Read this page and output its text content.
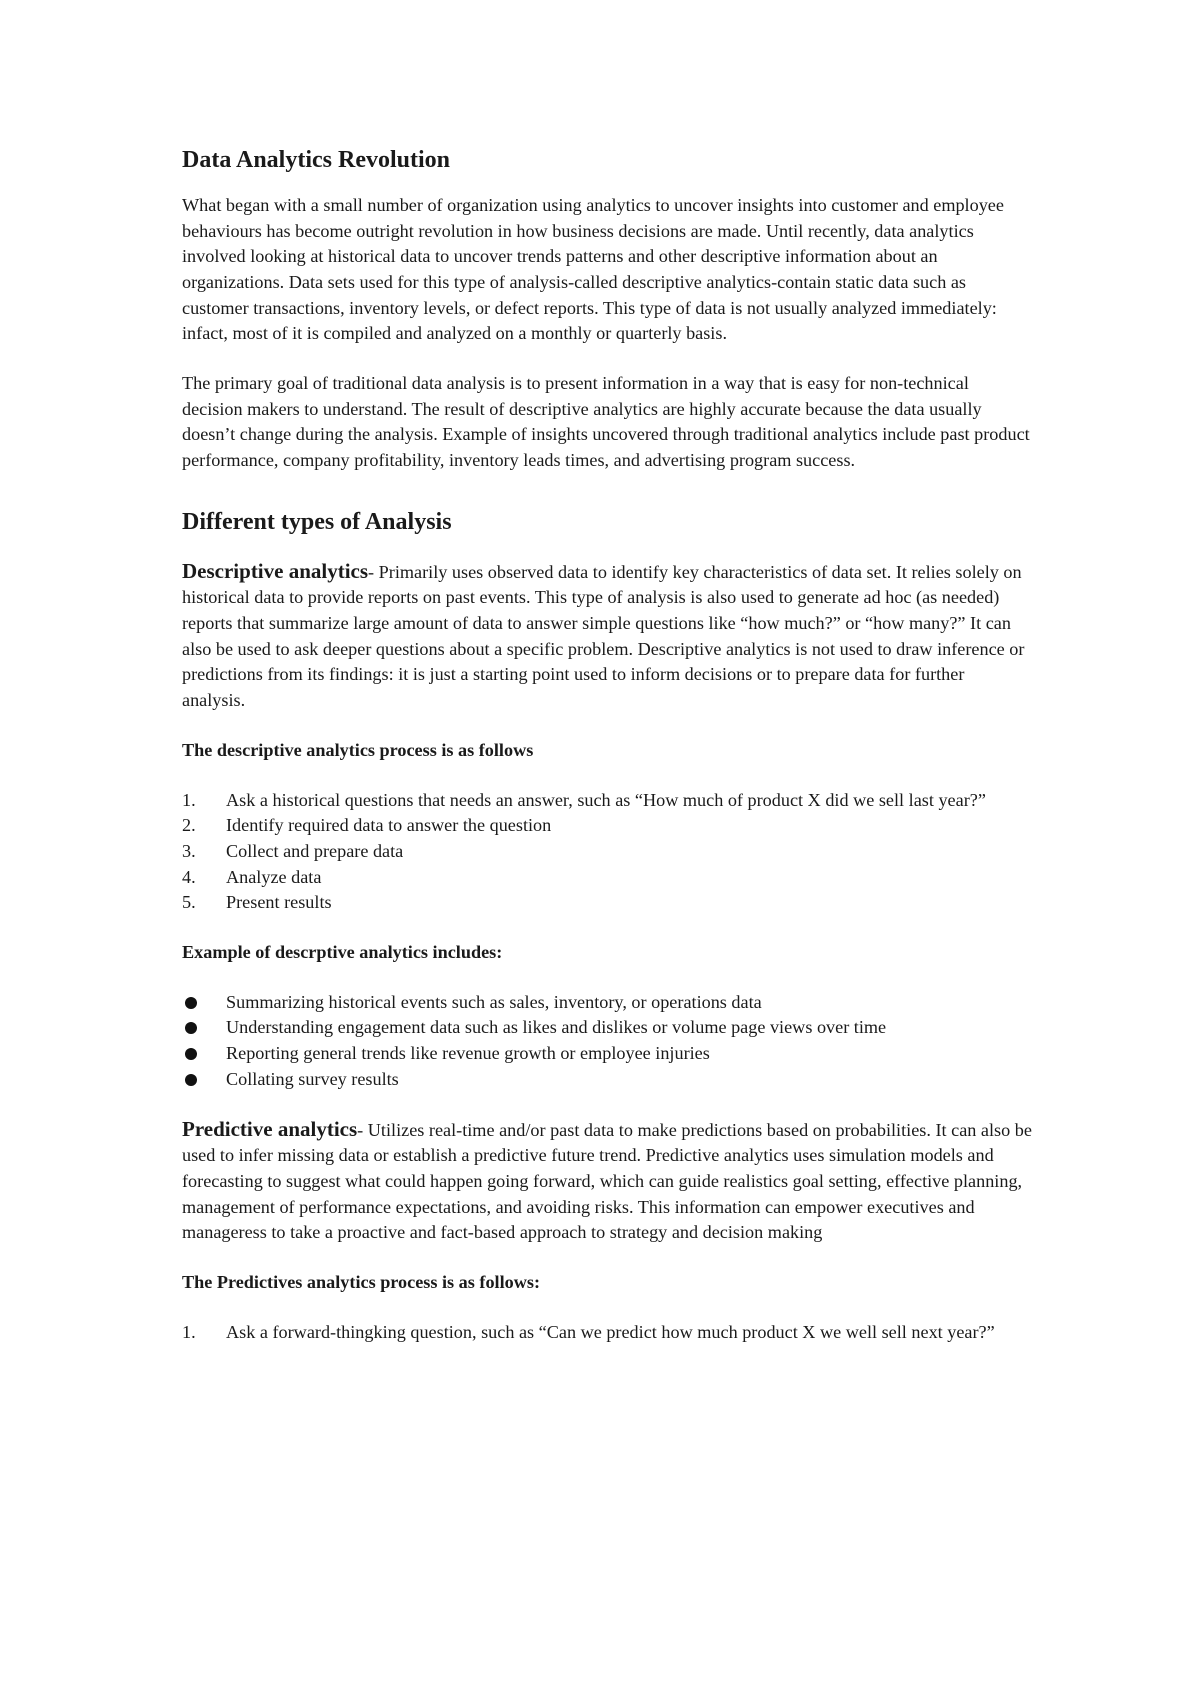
Data Analytics Revolution

What began with a small number of organization using analytics to uncover insights into customer and employee behaviours has become outright revolution in how business decisions are made. Until recently, data analytics involved looking at historical data to uncover trends patterns and other descriptive information about an organizations. Data sets used for this type of analysis-called descriptive analytics-contain static data such as customer transactions, inventory levels, or defect reports. This type of data is not usually analyzed immediately: infact, most of it is compiled and analyzed on a monthly or quarterly basis.

The primary goal of traditional data analysis is to present information in a way that is easy for non-technical decision makers to understand. The result of descriptive analytics are highly accurate because the data usually doesn’t change during the analysis. Example of insights uncovered through traditional analytics include past product performance, company profitability, inventory leads times, and advertising program success.

Different types of Analysis

Descriptive analytics- Primarily uses observed data to identify key characteristics of data set. It relies solely on historical data to provide reports on past events. This type of analysis is also used to generate ad hoc (as needed) reports that summarize large amount of data to answer simple questions like “how much?” or “how many?” It can also be used to ask deeper questions about a specific problem. Descriptive analytics is not used to draw inference or predictions from its findings: it is just a starting point used to inform decisions or to prepare data for further analysis.

The descriptive analytics process is as follows
1.	Ask a historical questions that needs an answer, such as “How much of product X did we sell last year?”
2.	Identify required data to answer the question
3.	Collect and prepare data
4.	Analyze data
5.	Present results
Example of descrptive analytics includes:
Summarizing historical events such as sales, inventory, or operations data
Understanding engagement data such as likes and dislikes or volume page views over time
Reporting general trends like revenue growth or employee injuries
Collating survey results

Predictive analytics- Utilizes real-time and/or past data to make predictions based on probabilities. It can also be used to infer missing data or establish a predictive future trend. Predictive analytics uses simulation models and forecasting to suggest what could happen going forward, which can guide realistics goal setting, effective planning, management of performance expectations, and avoiding risks. This information can empower executives and manageress to take a proactive and fact-based approach to strategy and decision making

The Predictives analytics process is as follows:
1.	Ask a forward-thingking question, such as “Can we predict how much product X we well sell next year?”
